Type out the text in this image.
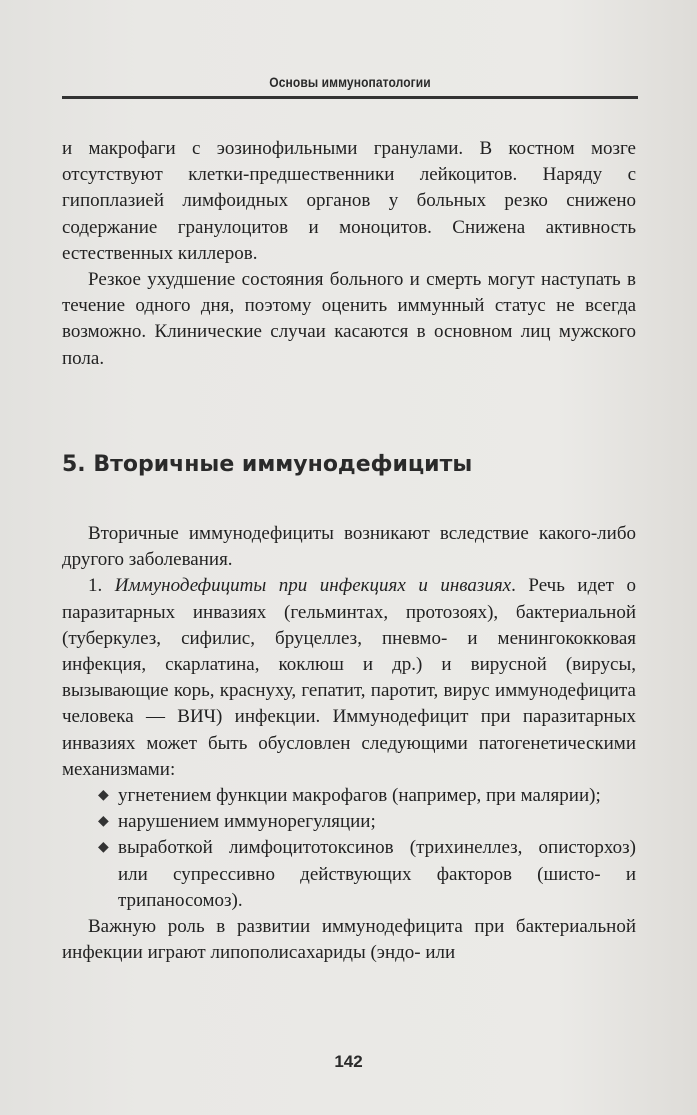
Основы иммунопатологии

и макрофаги с эозинофильными гранулами. В костном мозге отсутствуют клетки-предшественники лейкоцитов. Наряду с гипоплазией лимфоидных органов у больных резко снижено содержание гранулоцитов и моноцитов. Снижена активность естественных киллеров.

Резкое ухудшение состояния больного и смерть могут наступать в течение одного дня, поэтому оценить иммунный статус не всегда возможно. Клинические случаи касаются в основном лиц мужского пола.

5. Вторичные иммунодефициты

Вторичные иммунодефициты возникают вследствие какого-либо другого заболевания.

1. Иммунодефициты при инфекциях и инвазиях. Речь идет о паразитарных инвазиях (гельминтах, протозоях), бактериальной (туберкулез, сифилис, бруцеллез, пневмо- и менингококковая инфекция, скарлатина, коклюш и др.) и вирусной (вирусы, вызывающие корь, краснуху, гепатит, паротит, вирус иммунодефицита человека — ВИЧ) инфекции. Иммунодефицит при паразитарных инвазиях может быть обусловлен следующими патогенетическими механизмами:

◆ угнетением функции макрофагов (например, при малярии);
◆ нарушением иммунорегуляции;
◆ выработкой лимфоцитотоксинов (трихинеллез, описторхоз) или супрессивно действующих факторов (шисто- и трипаносомоз).

Важную роль в развитии иммунодефицита при бактериальной инфекции играют липополисахариды (эндо- или

142
